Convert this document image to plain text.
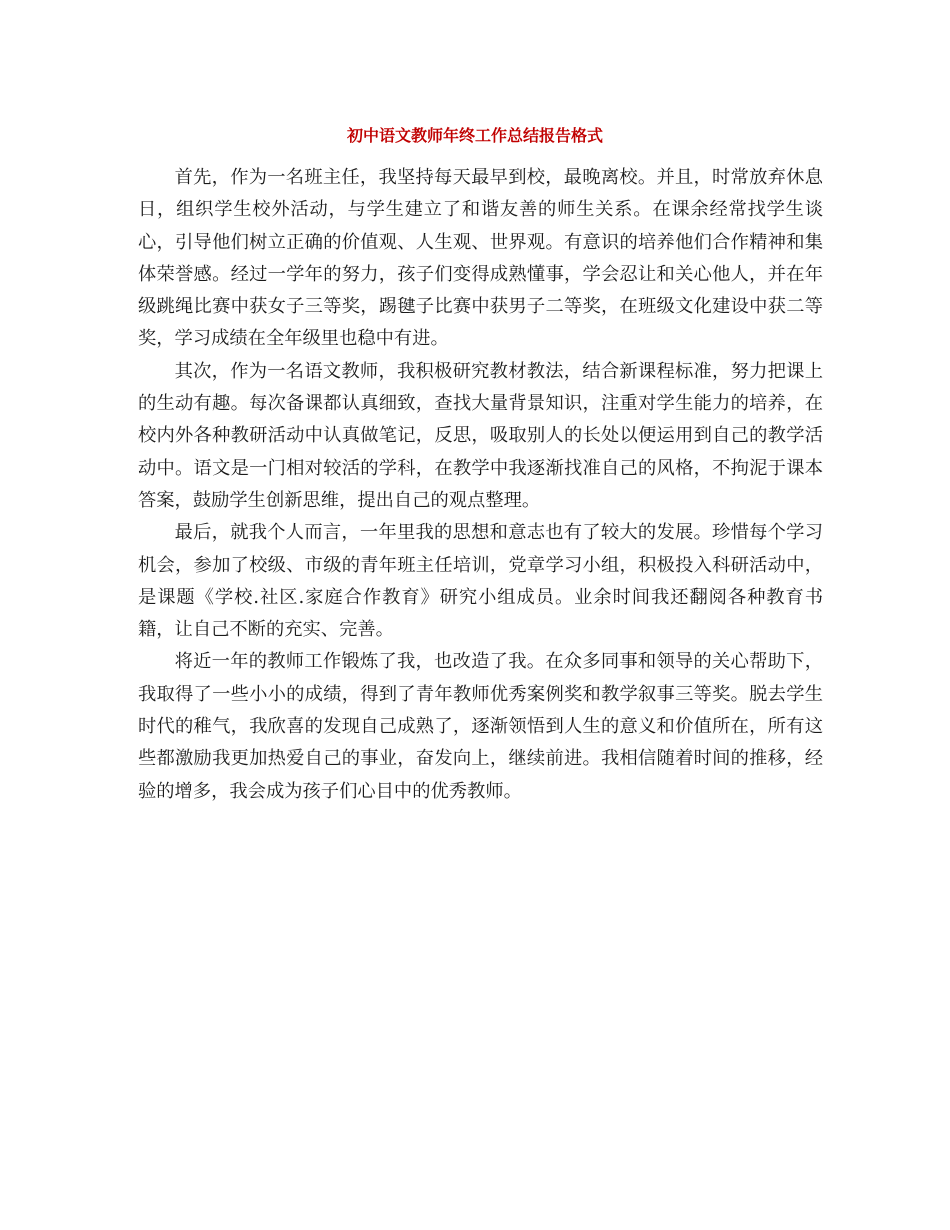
初中语文教师年终工作总结报告格式

首先，作为一名班主任，我坚持每天最早到校，最晚离校。并且，时常放弃休息日，组织学生校外活动，与学生建立了和谐友善的师生关系。在课余经常找学生谈心，引导他们树立正确的价值观、人生观、世界观。有意识的培养他们合作精神和集体荣誉感。经过一学年的努力，孩子们变得成熟懂事，学会忍让和关心他人，并在年级跳绳比赛中获女子三等奖，踢毽子比赛中获男子二等奖，在班级文化建设中获二等奖，学习成绩在全年级里也稳中有进。

其次，作为一名语文教师，我积极研究教材教法，结合新课程标准，努力把课上的生动有趣。每次备课都认真细致，查找大量背景知识，注重对学生能力的培养，在校内外各种教研活动中认真做笔记，反思，吸取别人的长处以便运用到自己的教学活动中。语文是一门相对较活的学科，在教学中我逐渐找准自己的风格，不拘泥于课本答案，鼓励学生创新思维，提出自己的观点整理。

最后，就我个人而言，一年里我的思想和意志也有了较大的发展。珍惜每个学习机会，参加了校级、市级的青年班主任培训，党章学习小组，积极投入科研活动中，是课题《学校.社区.家庭合作教育》研究小组成员。业余时间我还翻阅各种教育书籍，让自己不断的充实、完善。

将近一年的教师工作锻炼了我，也改造了我。在众多同事和领导的关心帮助下，我取得了一些小小的成绩，得到了青年教师优秀案例奖和教学叙事三等奖。脱去学生时代的稚气，我欣喜的发现自己成熟了，逐渐领悟到人生的意义和价值所在，所有这些都激励我更加热爱自己的事业，奋发向上，继续前进。我相信随着时间的推移，经验的增多，我会成为孩子们心目中的优秀教师。
